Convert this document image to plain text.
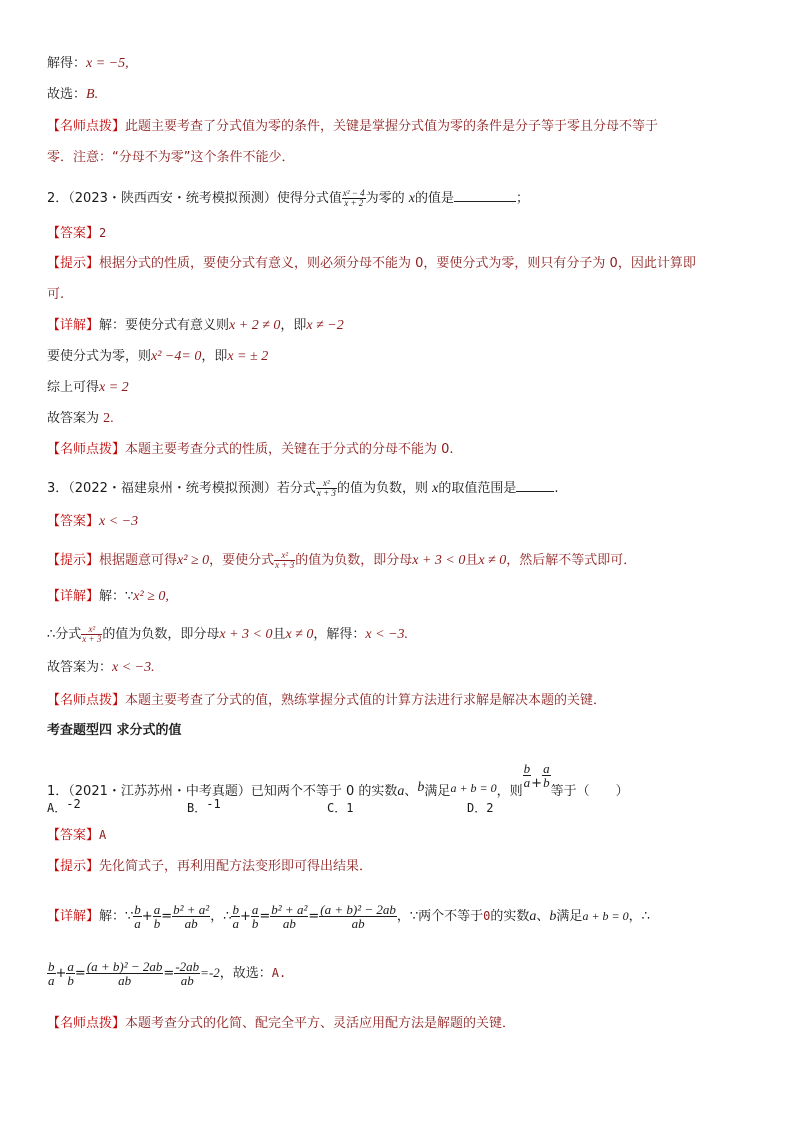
解得：x = −5,
故选：B.
【名师点拨】此题主要考查了分式值为零的条件，关键是掌握分式值为零的条件是分子等于零且分母不等于
零．注意：“分母不为零”这个条件不能少．
2．（2023・陕西西安・统考模拟预测）使得分式值 $\frac{\text{x² − 4}}{x + 2}$ 为零的 x的值是	；
【答案】2
【提示】根据分式的性质，要使分式有意义，则必须分母不能为 0，要使分式为零，则只有分子为 0，因此计算即
可.
【详解】解：要使分式有意义则x + 2 ≠ 0，即x ≠ −2
要使分式为零，则x² −4= 0，即x = ± 2
综上可得x = 2
故答案为 2.
【名师点拨】本题主要考查分式的性质，关键在于分式的分母不能为 0.
3．（2022・福建泉州・统考模拟预测）若分式 $\frac{\text{x²}}{x + 3}$ 的值为负数，则 x的取值范围是	.
【答案】x < −3
【提示】根据题意可得x² ≥ 0，要使分式 $\frac{\text{x²}}{x + 3}$ 的值为负数，即分母x + 3 < 0且x ≠ 0，然后解不等式即可．
【详解】解：∵x² ≥ 0,
∴分式 $\frac{\text{x²}}{x + 3}$ 的值为负数，即分母x + 3 < 0且x ≠ 0，解得：x < −3.
故答案为：x < −3.
【名师点拨】本题主要考查了分式的值，熟练掌握分式值的计算方法进行求解是解决本题的关键．
考查题型四 求分式的值
1．（2021・江苏苏州・中考真题）已知两个不等于 0 的实数a、b满足a + b = 0，则
$\frac{b}{a} + \frac{a}{b}$
等于（　　）
A．-2	B．-1	C．1	D．2
【答案】A
【提示】先化简式子，再利用配方法变形即可得出结果．
【详解】解：∵ $\frac{b}{a} + \frac{a}{b} = \frac{\text{b² + a²}}{ab}$ ，∴ $\frac{b}{a} + \frac{a}{b} = \frac{\text{b² + a²}}{ab} = \frac{\text{(a + b)² − 2ab}}{ab}$ ，∵两个不等于0的实数a、b满足a + b = 0，∴
$\frac{b}{a} + \frac{a}{b} = \frac{\text{(a + b)² − 2ab}}{ab} = \frac{-2ab}{ab} =-2$，故选：A.
【名师点拨】本题考查分式的化简、配完全平方、灵活应用配方法是解题的关键．
